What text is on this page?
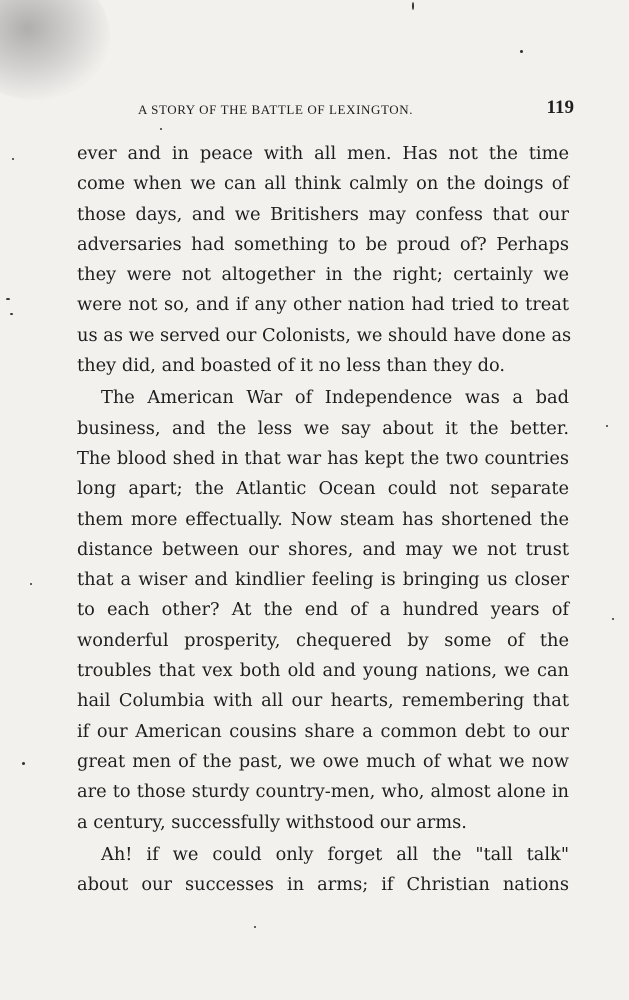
A STORY OF THE BATTLE OF LEXINGTON.	119
ever and in peace with all men. Has not the time
come when we can all think calmly on the doings of
those days, and we Britishers may confess that our
adversaries had something to be proud of? Perhaps
they were not altogether in the right; certainly we
were not so, and if any other nation had tried to treat
us as we served our Colonists, we should have done as
they did, and boasted of it no less than they do.
The American War of Independence was a bad
business, and the less we say about it the better.
The blood shed in that war has kept the two countries
long apart; the Atlantic Ocean could not separate
them more effectually. Now steam has shortened the
distance between our shores, and may we not trust
that a wiser and kindlier feeling is bringing us closer
to each other? At the end of a hundred years of
wonderful prosperity, chequered by some of the
troubles that vex both old and young nations, we can
hail Columbia with all our hearts, remembering that
if our American cousins share a common debt to our
great men of the past, we owe much of what we now
are to those sturdy country-men, who, almost alone in
a century, successfully withstood our arms.
Ah! if we could only forget all the "tall talk"
about our successes in arms; if Christian nations
